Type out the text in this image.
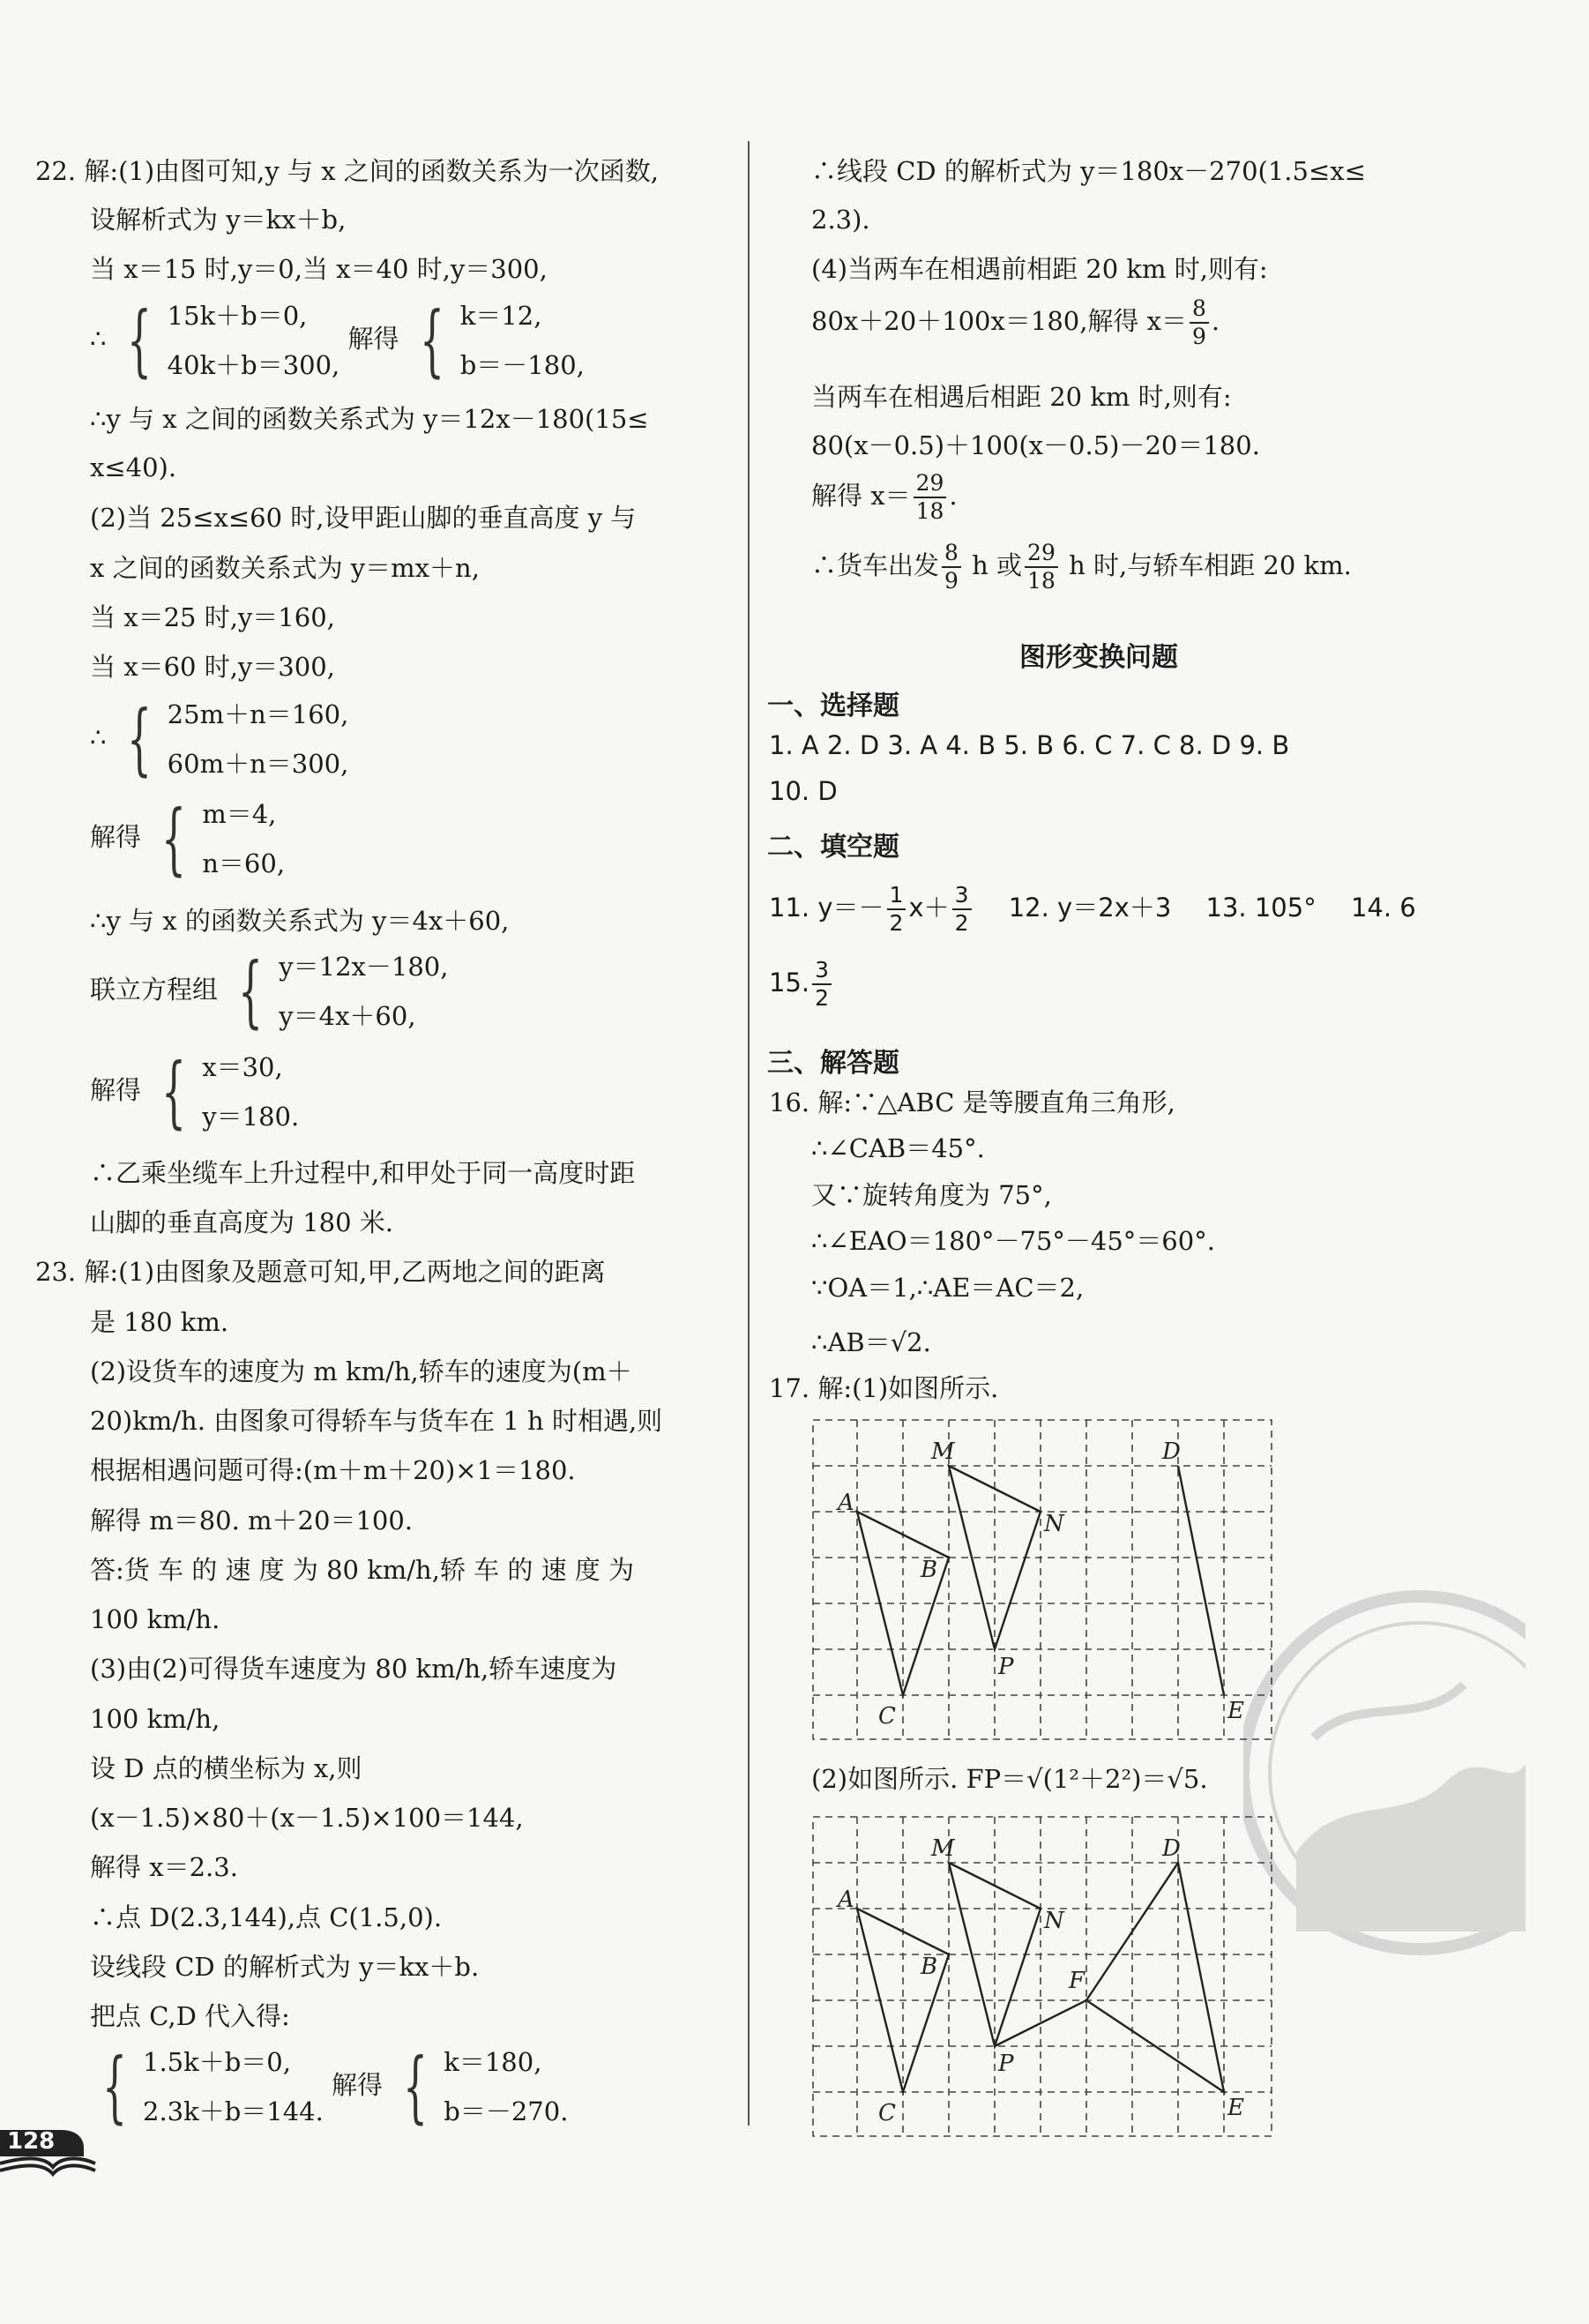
22. 解:(1)由图可知,y 与 x 之间的函数关系为一次函数,
设解析式为 y＝kx＋b,
当 x＝15 时,y＝0,当 x＝40 时,y＝300,
∴ { 15k＋b＝0,
40k＋b＝300,
解得 { k＝12,
b＝－180,
∴y 与 x 之间的函数关系式为 y＝12x－180(15≤
x≤40).
(2)当 25≤x≤60 时,设甲距山脚的垂直高度 y 与
x 之间的函数关系式为 y＝mx＋n,
当 x＝25 时,y＝160,
当 x＝60 时,y＝300,
∴ { 25m＋n＝160,
60m＋n＝300,
解得 { m＝4,
n＝60,
∴y 与 x 的函数关系式为 y＝4x＋60,
联立方程组 { y＝12x－180,
y＝4x＋60,
解得 { x＝30,
y＝180.
∴乙乘坐缆车上升过程中,和甲处于同一高度时距
山脚的垂直高度为 180 米.
23. 解:(1)由图象及题意可知,甲,乙两地之间的距离
是 180 km.
(2)设货车的速度为 m km/h,轿车的速度为(m＋
20)km/h. 由图象可得轿车与货车在 1 h 时相遇,则
根据相遇问题可得:(m＋m＋20)×1＝180.
解得 m＝80. m＋20＝100.
答:货 车 的 速 度 为 80 km/h,轿 车 的 速 度 为
100 km/h.
(3)由(2)可得货车速度为 80 km/h,轿车速度为
100 km/h,
设 D 点的横坐标为 x,则
(x－1.5)×80＋(x－1.5)×100＝144,
解得 x＝2.3.
∴点 D(2.3,144),点 C(1.5,0).
设线段 CD 的解析式为 y＝kx＋b.
把点 C,D 代入得:
{ 1.5k＋b＝0,
2.3k＋b＝144.
解得 { k＝180,
b＝－270.
∴线段 CD 的解析式为 y＝180x－270(1.5≤x≤
2.3).
(4)当两车在相遇前相距 20 km 时,则有:
80x＋20＋100x＝180,解得 $x= \frac{8}{9}$ .
当两车在相遇后相距 20 km 时,则有:
80(x－0.5)＋100(x－0.5)－20＝180.
解得 $x= \frac{29}{18}$ .
∴货车出发 $\frac{8}{9}$ h 或 $\frac{29}{18}$ h 时,与轿车相距 20 km.
图形变换问题
一、选择题
1. A 2. D 3. A 4. B 5. B 6. C 7. C 8. D 9. B
10. D
二、填空题
11. $y=- \frac{1}{2} x+ \frac{3}{2} 12$. y＝2x＋3 13. 105° 14. 6
15. $\frac{3}{2}$
三、解答题
16. 解:∵△ABC 是等腰直角三角形,
∴∠CAB＝45°.
又∵旋转角度为 75°,
∴∠EAO＝180°－75°－45°＝60°.
∵OA＝1,∴AE＝AC＝2,
∴AB＝√2.
17. 解:(1)如图所示.
M	D
A
N
B
P
C	E
(2)如图所示. FP＝√(1²＋2²)＝√5.
M	D
A
N
B
F
P
C	E
128
